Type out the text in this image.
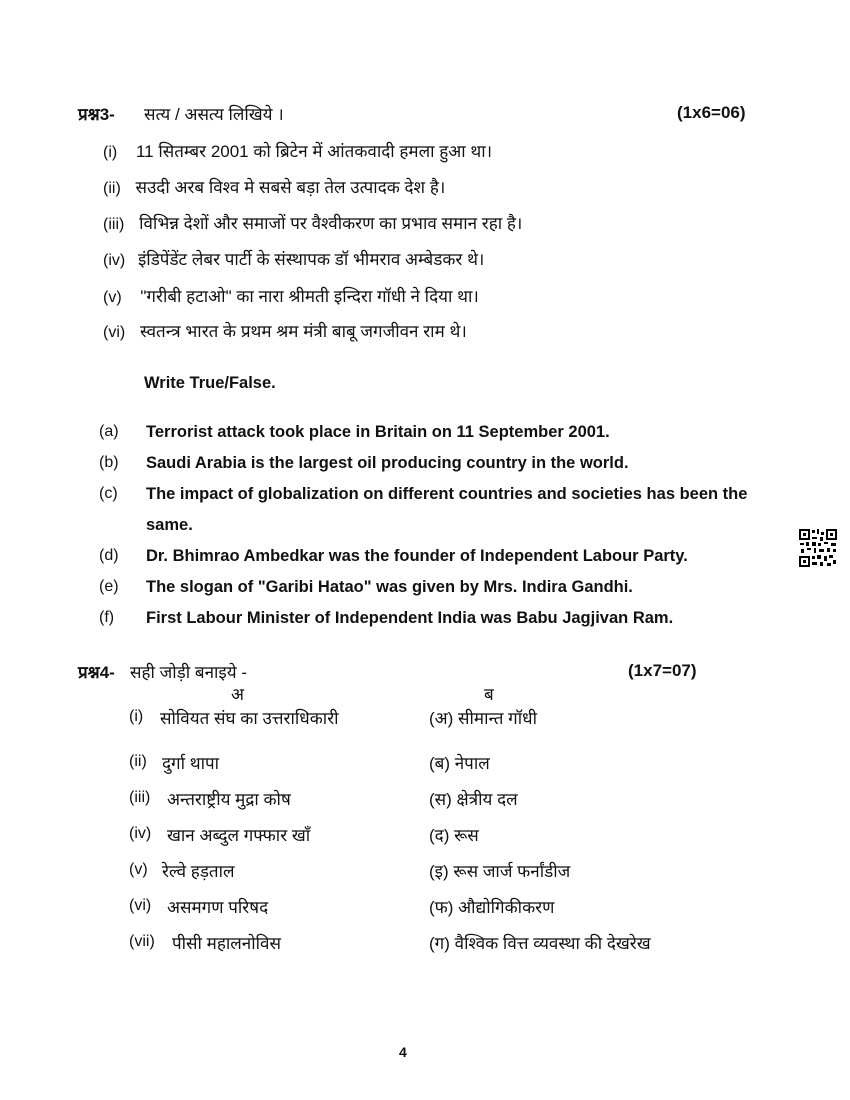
प्रश्न3- सत्य / असत्य लिखिये ।	(1x6=06)
(i) 11 सितम्बर 2001 को ब्रिटेन में आंतकवादी हमला हुआ था।
(ii) सउदी अरब विश्व मे सबसे बड़ा तेल उत्पादक देश है।
(iii) विभिन्न देशों और समाजों पर वैश्वीकरण का प्रभाव समान रहा है।
(iv) इंडिपेंडेंट लेबर पार्टी के संस्थापक डॉ भीमराव अम्बेडकर थे।
(v) "गरीबी हटाओ" का नारा श्रीमती इन्दिरा गॉधी ने दिया था।
(vi) स्वतन्त्र भारत के प्रथम श्रम मंत्री बाबू जगजीवन राम थे।
Write True/False.
(a) Terrorist attack took place in Britain on 11 September 2001.
(b) Saudi Arabia is the largest oil producing country in the world.
(c) The impact of globalization on different countries and societies has been the
same.
(d) Dr. Bhimrao Ambedkar was the founder of Independent Labour Party.
(e) The slogan of "Garibi Hatao" was given by Mrs. Indira Gandhi.
(f) First Labour Minister of Independent India was Babu Jagjivan Ram.
प्रश्न4- सही जोड़ी बनाइये -	(1x7=07)
अ	ब
(i) सोवियत संघ का उत्तराधिकारी	(अ) सीमान्त गॉधी
(ii) दुर्गा थापा	(ब) नेपाल
(iii) अन्तराष्ट्रीय मुद्रा कोष	(स) क्षेत्रीय दल
(iv) खान अब्दुल गफ्फार खॉं	(द) रूस
(v) रेल्वे हड़ताल	(इ) रूस जार्ज फर्नांडीज
(vi) असमगण परिषद	(फ) औद्योगिकीकरण
(vii) पीसी महालनोविस	(ग) वैश्विक वित्त व्यवस्था की देखरेख
4
